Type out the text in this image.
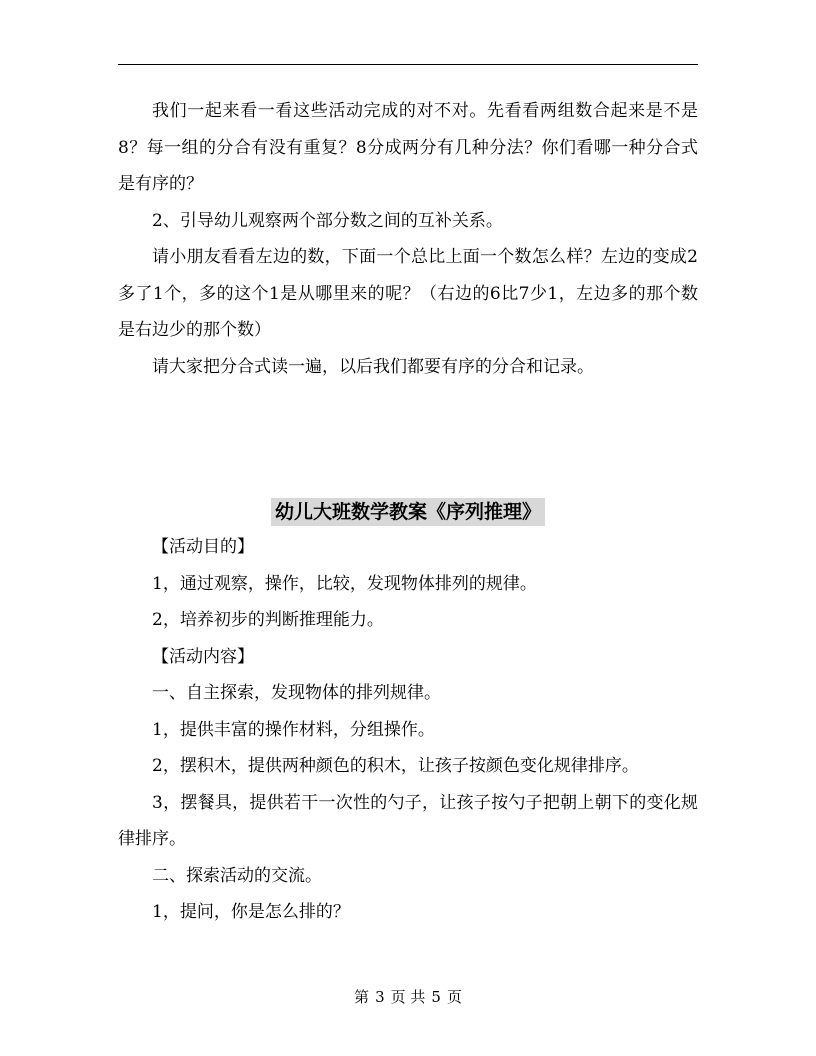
我们一起来看一看这些活动完成的对不对。先看看两组数合起来是不是8？每一组的分合有没有重复？8分成两分有几种分法？你们看哪一种分合式是有序的？

2、引导幼儿观察两个部分数之间的互补关系。

请小朋友看看左边的数，下面一个总比上面一个数怎么样？左边的变成2多了1个，多的这个1是从哪里来的呢？（右边的6比7少1，左边多的那个数是右边少的那个数）

请大家把分合式读一遍，以后我们都要有序的分合和记录。

幼儿大班数学教案《序列推理》

【活动目的】

1，通过观察，操作，比较，发现物体排列的规律。

2，培养初步的判断推理能力。

【活动内容】

一、自主探索，发现物体的排列规律。

1，提供丰富的操作材料，分组操作。

2，摆积木，提供两种颜色的积木，让孩子按颜色变化规律排序。

3，摆餐具，提供若干一次性的勺子，让孩子按勺子把朝上朝下的变化规律排序。

二、探索活动的交流。

1，提问，你是怎么排的？

第 3 页 共 5 页
